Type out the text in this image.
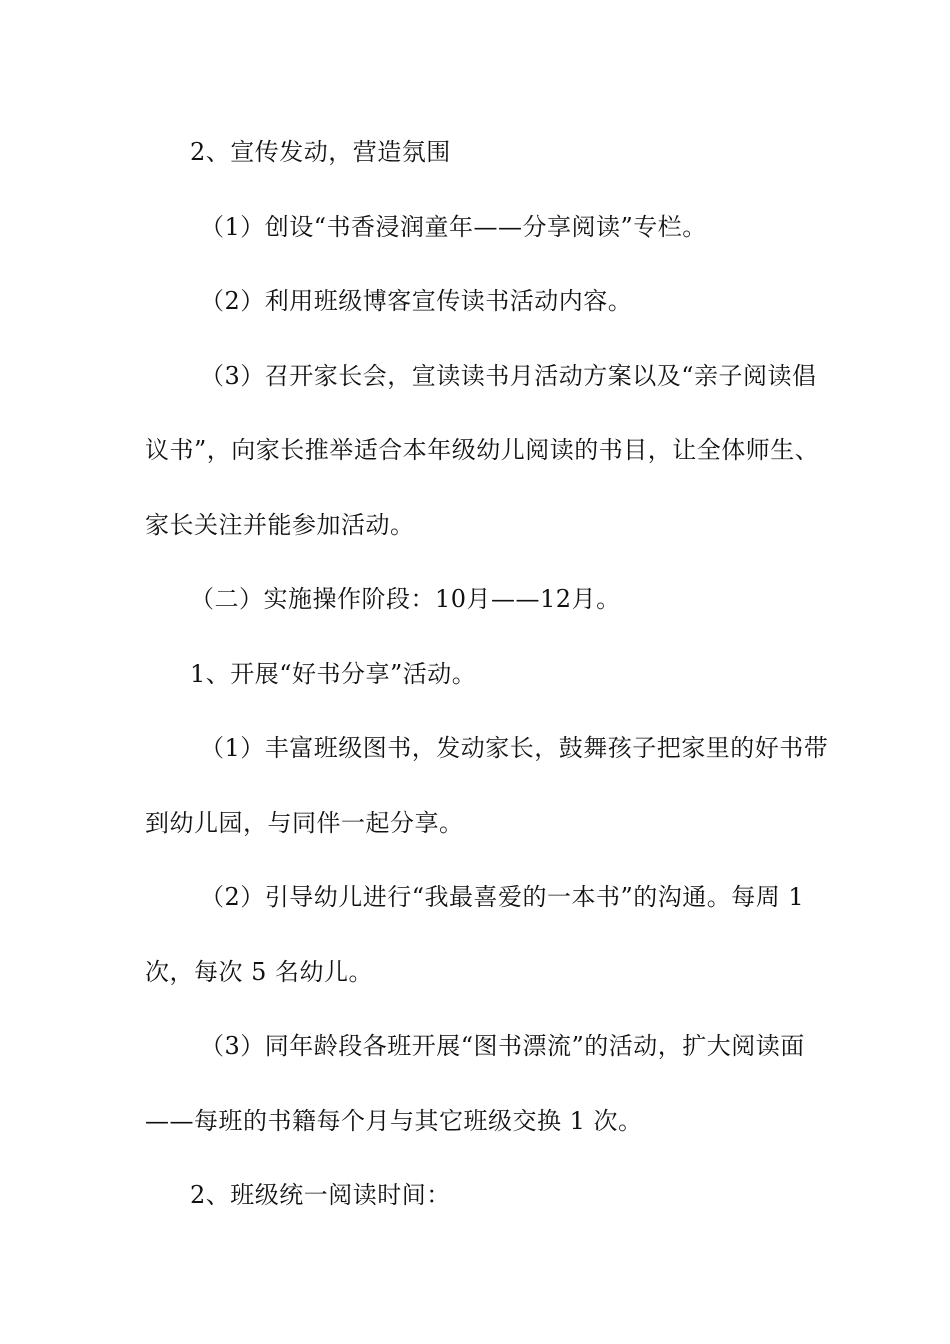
2、宣传发动，营造氛围
（1）创设“书香浸润童年——分享阅读”专栏。
（2）利用班级博客宣传读书活动内容。
（3）召开家长会，宣读读书月活动方案以及“亲子阅读倡
议书”，向家长推举适合本年级幼儿阅读的书目，让全体师生、
家长关注并能参加活动。
（二）实施操作阶段：10月——12月。
1、开展“好书分享”活动。
（1）丰富班级图书，发动家长，鼓舞孩子把家里的好书带
到幼儿园，与同伴一起分享。
（2）引导幼儿进行“我最喜爱的一本书”的沟通。每周 1
次，每次 5 名幼儿。
（3）同年龄段各班开展“图书漂流”的活动，扩大阅读面
——每班的书籍每个月与其它班级交换 1 次。
2、班级统一阅读时间：
